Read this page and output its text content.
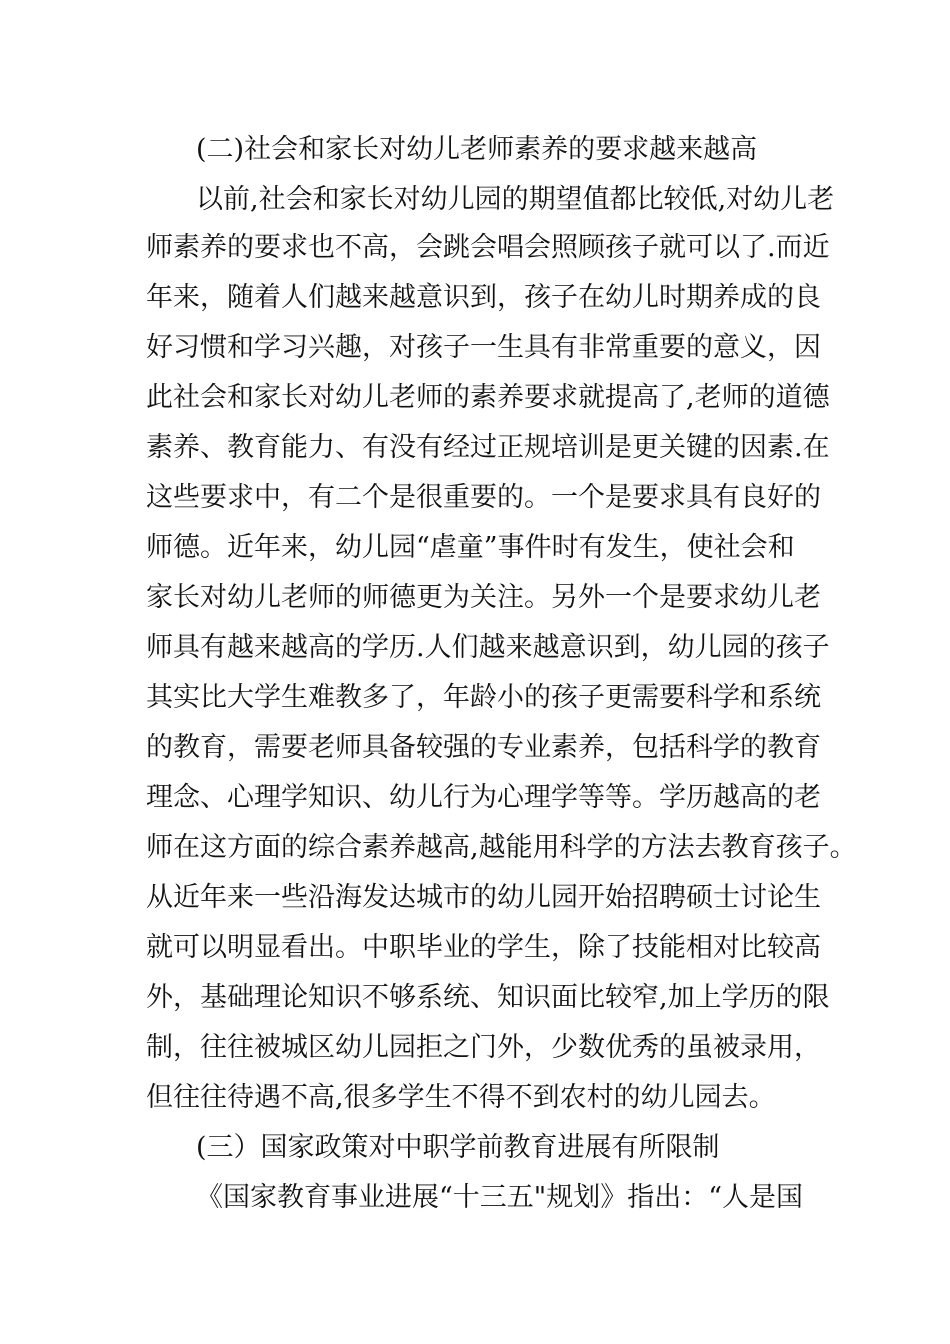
(二)社会和家长对幼儿老师素养的要求越来越高
以前,社会和家长对幼儿园的期望值都比较低,对幼儿老
师素养的要求也不高，会跳会唱会照顾孩子就可以了.而近
年来，随着人们越来越意识到，孩子在幼儿时期养成的良
好习惯和学习兴趣，对孩子一生具有非常重要的意义，因
此社会和家长对幼儿老师的素养要求就提高了,老师的道德
素养、教育能力、有没有经过正规培训是更关键的因素.在
这些要求中，有二个是很重要的。一个是要求具有良好的
师德。近年来，幼儿园“虐童”事件时有发生，使社会和
家长对幼儿老师的师德更为关注。另外一个是要求幼儿老
师具有越来越高的学历.人们越来越意识到，幼儿园的孩子
其实比大学生难教多了，年龄小的孩子更需要科学和系统
的教育，需要老师具备较强的专业素养，包括科学的教育
理念、心理学知识、幼儿行为心理学等等。学历越高的老
师在这方面的综合素养越高,越能用科学的方法去教育孩子。
从近年来一些沿海发达城市的幼儿园开始招聘硕士讨论生
就可以明显看出。中职毕业的学生，除了技能相对比较高
外，基础理论知识不够系统、知识面比较窄,加上学历的限
制，往往被城区幼儿园拒之门外，少数优秀的虽被录用，
但往往待遇不高,很多学生不得不到农村的幼儿园去。
(三）国家政策对中职学前教育进展有所限制
《国家教育事业进展“十三五"规划》指出：“人是国
